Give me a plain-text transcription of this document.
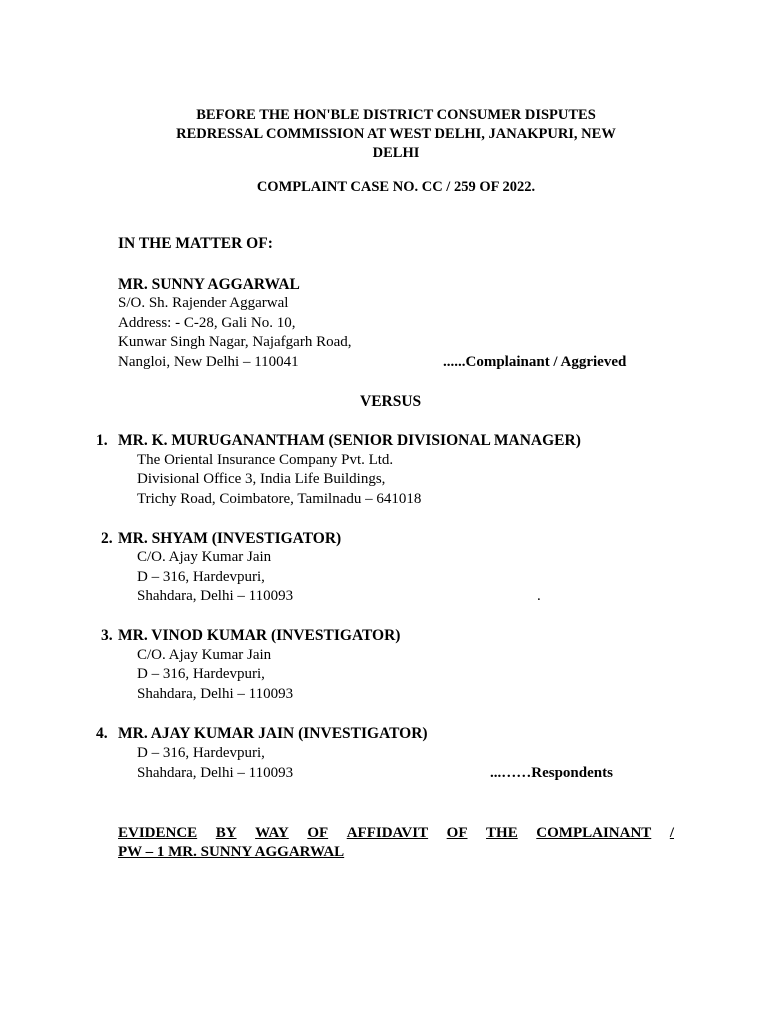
BEFORE THE HON'BLE DISTRICT CONSUMER DISPUTES
REDRESSAL COMMISSION AT WEST DELHI, JANAKPURI, NEW
DELHI
COMPLAINT CASE NO. CC / 259 OF 2022.
IN THE MATTER OF:
MR. SUNNY AGGARWAL
S/O. Sh. Rajender Aggarwal
Address: - C-28, Gali No. 10,
Kunwar Singh Nagar, Najafgarh Road,
Nangloi, New Delhi – 110041	......Complainant / Aggrieved
VERSUS
1. MR. K. MURUGANANTHAM (SENIOR DIVISIONAL MANAGER)
The Oriental Insurance Company Pvt. Ltd.
Divisional Office 3, India Life Buildings,
Trichy Road, Coimbatore, Tamilnadu – 641018
2. MR. SHYAM (INVESTIGATOR)
C/O. Ajay Kumar Jain
D – 316, Hardevpuri,
Shahdara, Delhi – 110093	.
3. MR. VINOD KUMAR (INVESTIGATOR)
C/O. Ajay Kumar Jain
D – 316, Hardevpuri,
Shahdara, Delhi – 110093
4. MR. AJAY KUMAR JAIN (INVESTIGATOR)
D – 316, Hardevpuri,
Shahdara, Delhi – 110093	...……Respondents
EVIDENCE BY WAY OF AFFIDAVIT OF THE COMPLAINANT /
PW – 1 MR. SUNNY AGGARWAL
